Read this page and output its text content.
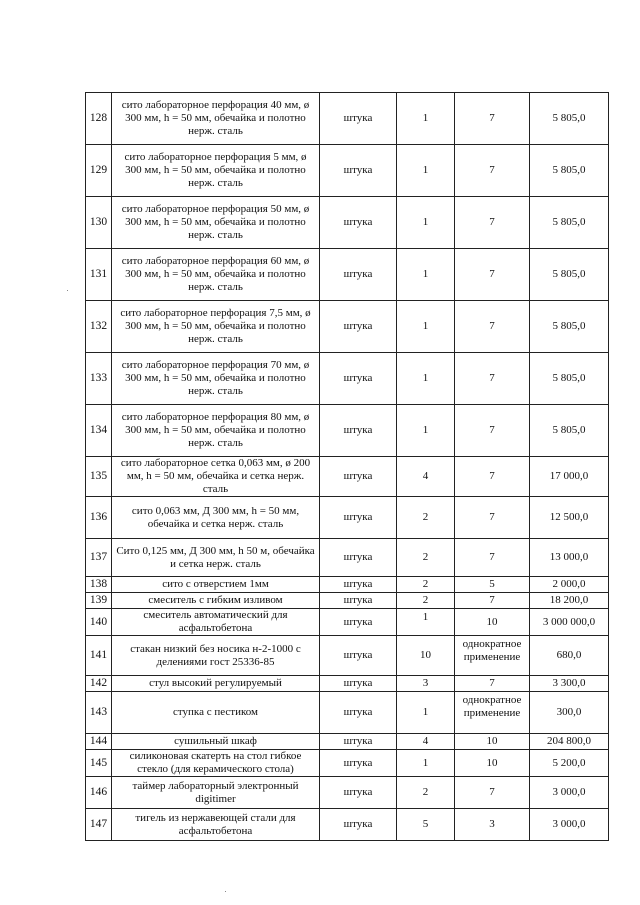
128	сито лабораторное перфорация 40 мм, ø 300 мм, h = 50 мм, обечайка и полотно нерж. сталь	штука	1	7	5 805,0
129	сито лабораторное перфорация 5 мм, ø 300 мм, h = 50 мм, обечайка и полотно нерж. сталь	штука	1	7	5 805,0
130	сито лабораторное перфорация 50 мм, ø 300 мм, h = 50 мм, обечайка и полотно нерж. сталь	штука	1	7	5 805,0
131	сито лабораторное перфорация 60 мм, ø 300 мм, h = 50 мм, обечайка и полотно нерж. сталь	штука	1	7	5 805,0
132	сито лабораторное перфорация 7,5 мм, ø 300 мм, h = 50 мм, обечайка и полотно нерж. сталь	штука	1	7	5 805,0
133	сито лабораторное перфорация 70 мм, ø 300 мм, h = 50 мм, обечайка и полотно нерж. сталь	штука	1	7	5 805,0
134	сито лабораторное перфорация 80 мм, ø 300 мм, h = 50 мм, обечайка и полотно нерж. сталь	штука	1	7	5 805,0
135	сито лабораторное сетка 0,063 мм, ø 200 мм, h = 50 мм, обечайка и сетка нерж. сталь	штука	4	7	17 000,0
136	сито 0,063 мм, Д 300 мм, h = 50 мм, обечайка и сетка нерж. сталь	штука	2	7	12 500,0
137	Сито 0,125 мм, Д 300 мм, h 50 м, обечайка и сетка нерж. сталь	штука	2	7	13 000,0
138	сито с отверстием 1мм	штука	2	5	2 000,0
139	смеситель с гибким изливом	штука	2	7	18 200,0
140	смеситель автоматический для асфальтобетона	штука	1	10	3 000 000,0
141	стакан низкий без носика н-2-1000 с делениями гост 25336-85	штука	10	однократное применение	680,0
142	стул высокий регулируемый	штука	3	7	3 300,0
143	ступка с пестиком	штука	1	однократное применение	300,0
144	сушильный шкаф	штука	4	10	204 800,0
145	силиконовая скатерть на стол гибкое стекло (для керамического стола)	штука	1	10	5 200,0
146	таймер лабораторный электронный digitimer	штука	2	7	3 000,0
147	тигель из нержавеющей стали для асфальтобетона	штука	5	3	3 000,0
